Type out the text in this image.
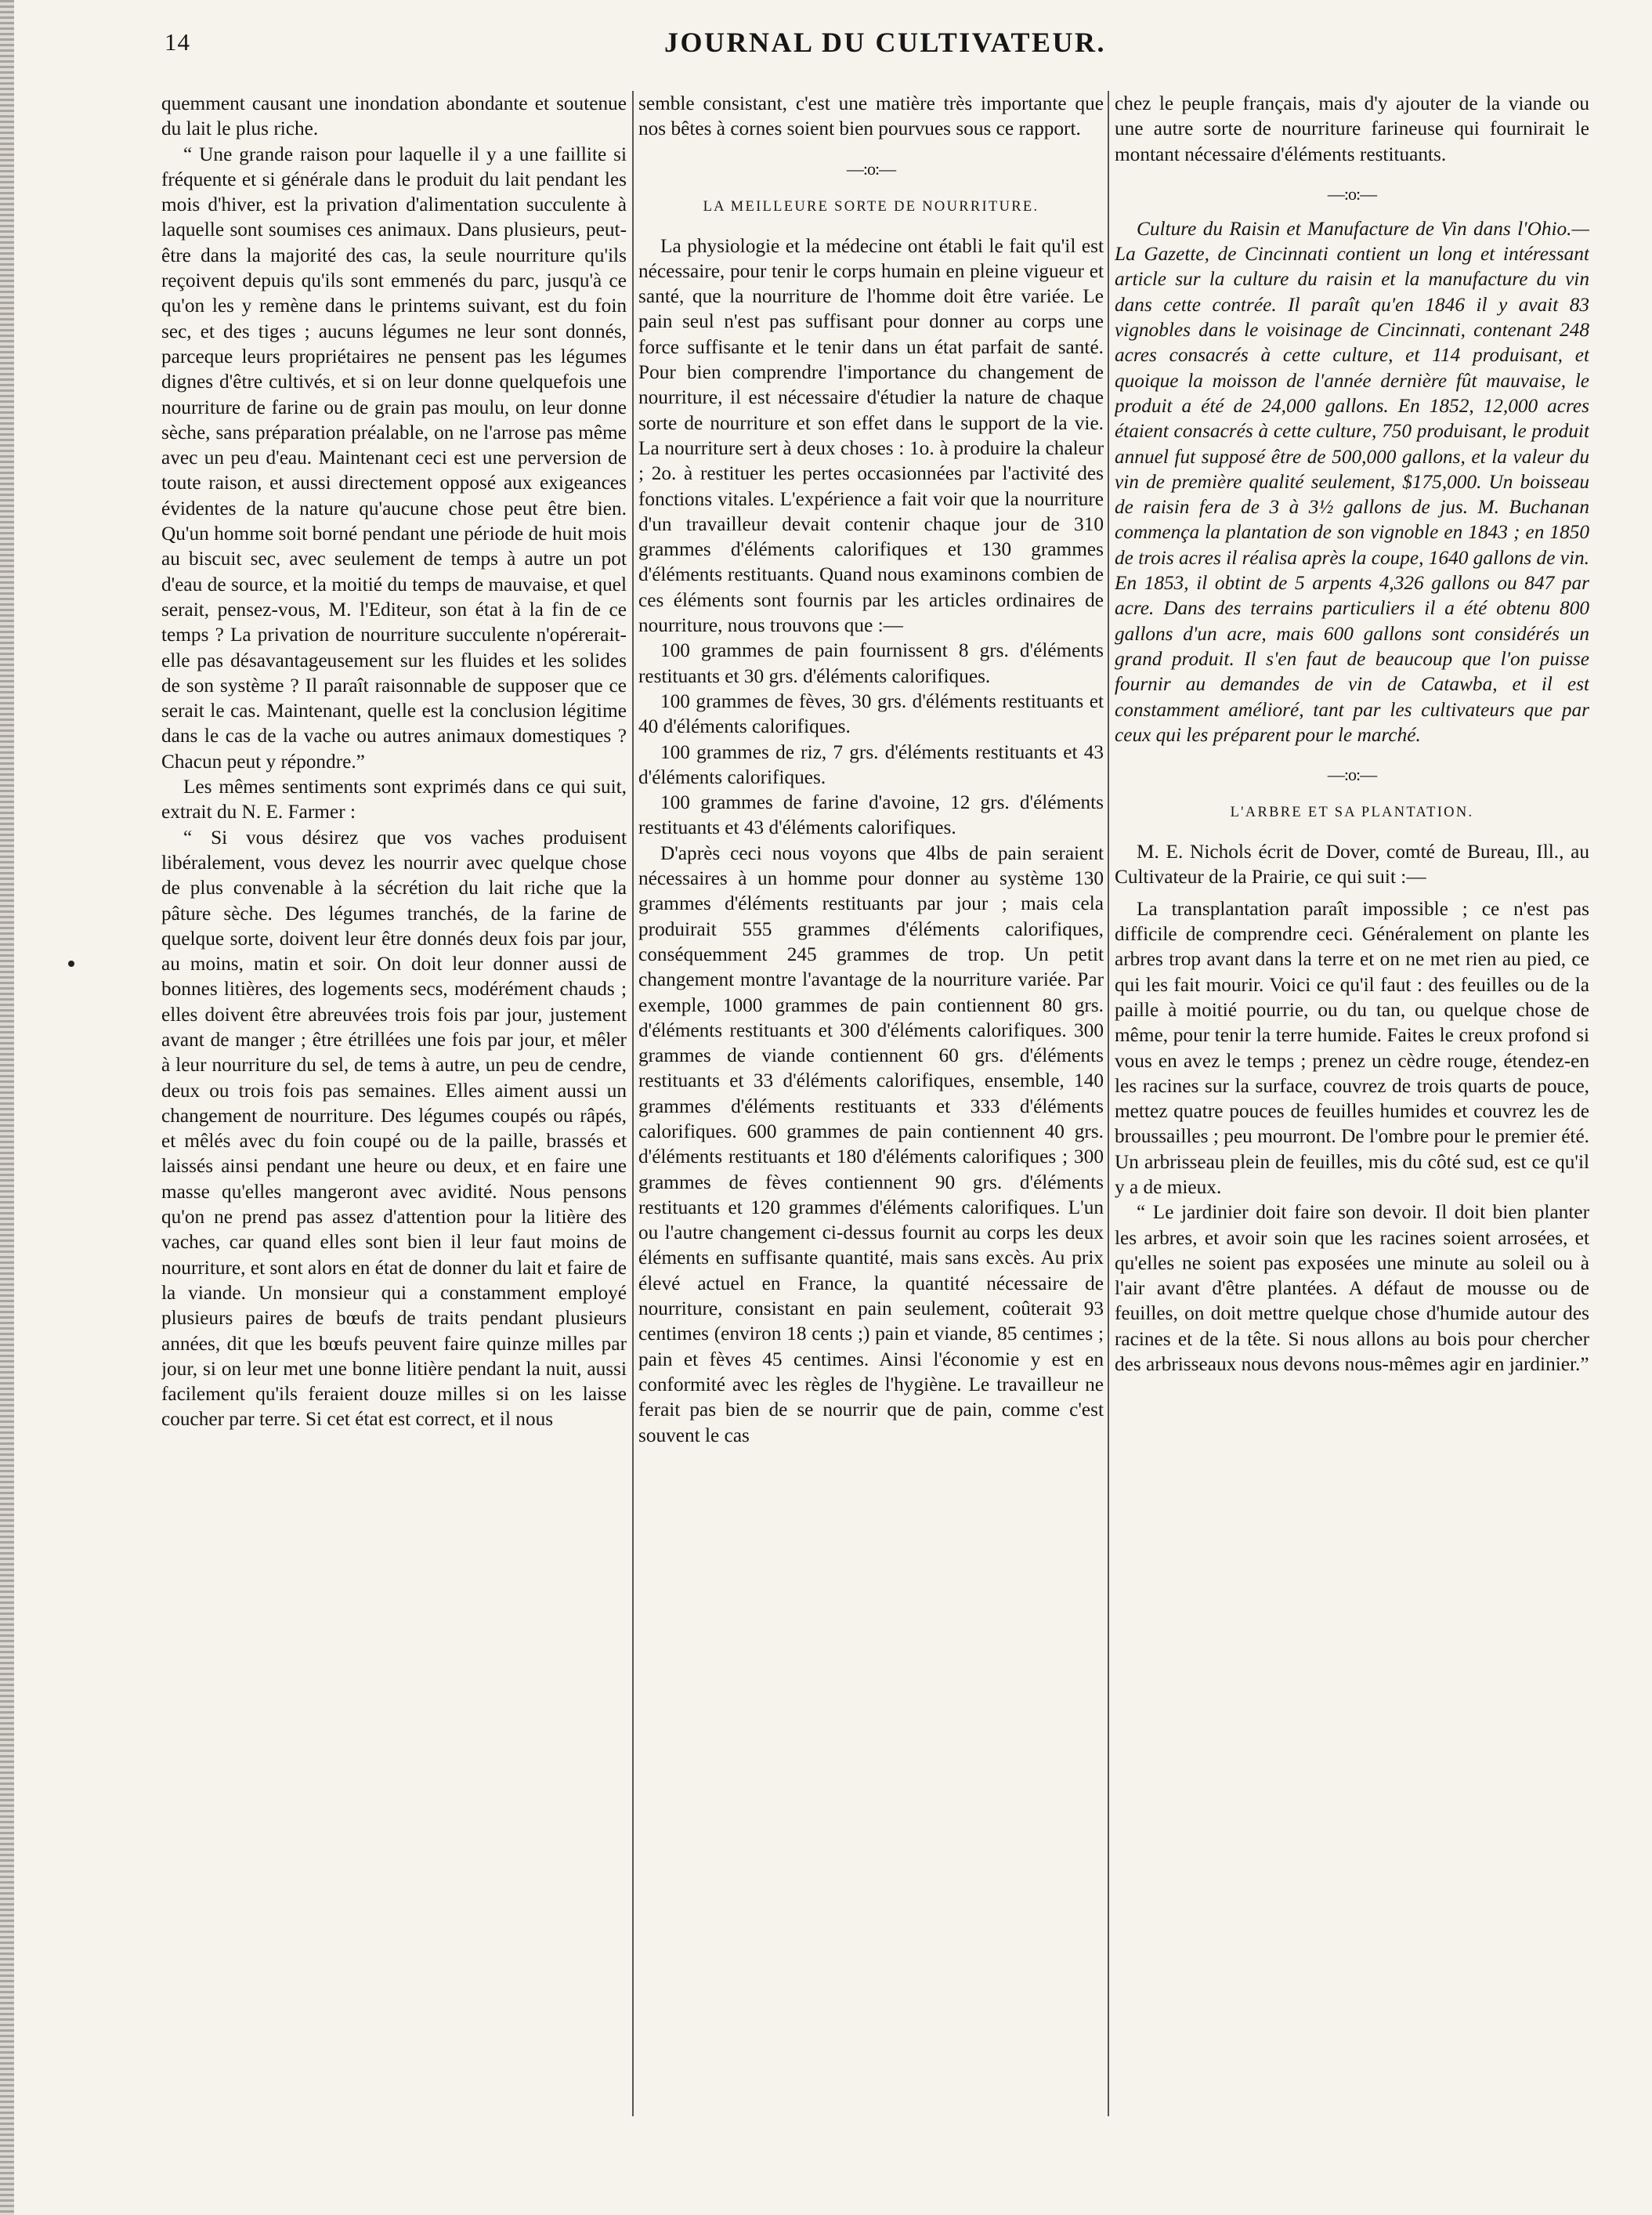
14	JOURNAL DU CULTIVATEUR.

quemment causant une inondation abondante et soutenue du lait le plus riche.

“ Une grande raison pour laquelle il y a une faillite si fréquente et si générale dans le produit du lait pendant les mois d'hiver, est la privation d'alimentation succulente à laquelle sont soumises ces animaux. Dans plusieurs, peut-être dans la majorité des cas, la seule nourriture qu'ils reçoivent depuis qu'ils sont emmenés du parc, jusqu'à ce qu'on les y remène dans le printems suivant, est du foin sec, et des tiges ; aucuns légumes ne leur sont donnés, parceque leurs propriétaires ne pensent pas les légumes dignes d'être cultivés, et si on leur donne quelquefois une nourriture de farine ou de grain pas moulu, on leur donne sèche, sans préparation préalable, on ne l'arrose pas même avec un peu d'eau. Maintenant ceci est une perversion de toute raison, et aussi directement opposé aux exigeances évidentes de la nature qu'aucune chose peut être bien. Qu'un homme soit borné pendant une période de huit mois au biscuit sec, avec seulement de temps à autre un pot d'eau de source, et la moitié du temps de mauvaise, et quel serait, pensez-vous, M. l'Editeur, son état à la fin de ce temps ? La privation de nourriture succulente n'opérerait-elle pas désavantageusement sur les fluides et les solides de son système ? Il paraît raisonnable de supposer que ce serait le cas. Maintenant, quelle est la conclusion légitime dans le cas de la vache ou autres animaux domestiques ? Chacun peut y répondre.”

Les mêmes sentiments sont exprimés dans ce qui suit, extrait du N. E. Farmer :

“ Si vous désirez que vos vaches produisent libéralement, vous devez les nourrir avec quelque chose de plus convenable à la sécrétion du lait riche que la pâture sèche. Des légumes tranchés, de la farine de quelque sorte, doivent leur être donnés deux fois par jour, au moins, matin et soir. On doit leur donner aussi de bonnes litières, des logements secs, modérément chauds ; elles doivent être abreuvées trois fois par jour, justement avant de manger ; être étrillées une fois par jour, et mêler à leur nourriture du sel, de tems à autre, un peu de cendre, deux ou trois fois pas semaines. Elles aiment aussi un changement de nourriture. Des légumes coupés ou râpés, et mêlés avec du foin coupé ou de la paille, brassés et laissés ainsi pendant une heure ou deux, et en faire une masse qu'elles mangeront avec avidité. Nous pensons qu'on ne prend pas assez d'attention pour la litière des vaches, car quand elles sont bien il leur faut moins de nourriture, et sont alors en état de donner du lait et faire de la viande. Un monsieur qui a constamment employé plusieurs paires de bœufs de traits pendant plusieurs années, dit que les bœufs peuvent faire quinze milles par jour, si on leur met une bonne litière pendant la nuit, aussi facilement qu'ils feraient douze milles si on les laisse coucher par terre. Si cet état est correct, et il nous

semble consistant, c'est une matière très importante que nos bêtes à cornes soient bien pourvues sous ce rapport.

—:o:—
LA MEILLEURE SORTE DE NOURRITURE.

La physiologie et la médecine ont établi le fait qu'il est nécessaire, pour tenir le corps humain en pleine vigueur et santé, que la nourriture de l'homme doit être variée. Le pain seul n'est pas suffisant pour donner au corps une force suffisante et le tenir dans un état parfait de santé. Pour bien comprendre l'importance du changement de nourriture, il est nécessaire d'étudier la nature de chaque sorte de nourriture et son effet dans le support de la vie. La nourriture sert à deux choses : 1o. à produire la chaleur ; 2o. à restituer les pertes occasionnées par l'activité des fonctions vitales. L'expérience a fait voir que la nourriture d'un travailleur devait contenir chaque jour de 310 grammes d'éléments calorifiques et 130 grammes d'éléments restituants. Quand nous examinons combien de ces éléments sont fournis par les articles ordinaires de nourriture, nous trouvons que :—

100 grammes de pain fournissent 8 grs. d'éléments restituants et 30 grs. d'éléments calorifiques.

100 grammes de fèves, 30 grs. d'éléments restituants et 40 d'éléments calorifiques.

100 grammes de riz, 7 grs. d'éléments restituants et 43 d'éléments calorifiques.

100 grammes de farine d'avoine, 12 grs. d'éléments restituants et 43 d'éléments calorifiques.

D'après ceci nous voyons que 4lbs de pain seraient nécessaires à un homme pour donner au système 130 grammes d'éléments restituants par jour ; mais cela produirait 555 grammes d'éléments calorifiques, conséquemment 245 grammes de trop. Un petit changement montre l'avantage de la nourriture variée. Par exemple, 1000 grammes de pain contiennent 80 grs. d'éléments restituants et 300 d'éléments calorifiques. 300 grammes de viande contiennent 60 grs. d'éléments restituants et 33 d'éléments calorifiques, ensemble, 140 grammes d'éléments restituants et 333 d'éléments calorifiques. 600 grammes de pain contiennent 40 grs. d'éléments restituants et 180 d'éléments calorifiques ; 300 grammes de fèves contiennent 90 grs. d'éléments restituants et 120 grammes d'éléments calorifiques. L'un ou l'autre changement ci-dessus fournit au corps les deux éléments en suffisante quantité, mais sans excès. Au prix élevé actuel en France, la quantité nécessaire de nourriture, consistant en pain seulement, coûterait 93 centimes (environ 18 cents ;) pain et viande, 85 centimes ; pain et fèves 45 centimes. Ainsi l'économie y est en conformité avec les règles de l'hygiène. Le travailleur ne ferait pas bien de se nourrir que de pain, comme c'est souvent le cas

chez le peuple français, mais d'y ajouter de la viande ou une autre sorte de nourriture farineuse qui fournirait le montant nécessaire d'éléments restituants.

—:o:—

Culture du Raisin et Manufacture de Vin dans l'Ohio.—La Gazette, de Cincinnati contient un long et intéressant article sur la culture du raisin et la manufacture du vin dans cette contrée. Il paraît qu'en 1846 il y avait 83 vignobles dans le voisinage de Cincinnati, contenant 248 acres consacrés à cette culture, et 114 produisant, et quoique la moisson de l'année dernière fût mauvaise, le produit a été de 24,000 gallons. En 1852, 12,000 acres étaient consacrés à cette culture, 750 produisant, le produit annuel fut supposé être de 500,000 gallons, et la valeur du vin de première qualité seulement, $175,000. Un boisseau de raisin fera de 3 à 3½ gallons de jus. M. Buchanan commença la plantation de son vignoble en 1843 ; en 1850 de trois acres il réalisa après la coupe, 1640 gallons de vin. En 1853, il obtint de 5 arpents 4,326 gallons ou 847 par acre. Dans des terrains particuliers il a été obtenu 800 gallons d'un acre, mais 600 gallons sont considérés un grand produit. Il s'en faut de beaucoup que l'on puisse fournir au demandes de vin de Catawba, et il est constamment amélioré, tant par les cultivateurs que par ceux qui les préparent pour le marché.

—:o:—
L'ARBRE ET SA PLANTATION.

M. E. Nichols écrit de Dover, comté de Bureau, Ill., au Cultivateur de la Prairie, ce qui suit :—

La transplantation paraît impossible ; ce n'est pas difficile de comprendre ceci. Généralement on plante les arbres trop avant dans la terre et on ne met rien au pied, ce qui les fait mourir. Voici ce qu'il faut : des feuilles ou de la paille à moitié pourrie, ou du tan, ou quelque chose de même, pour tenir la terre humide. Faites le creux profond si vous en avez le temps ; prenez un cèdre rouge, étendez-en les racines sur la surface, couvrez de trois quarts de pouce, mettez quatre pouces de feuilles humides et couvrez les de broussailles ; peu mourront. De l'ombre pour le premier été. Un arbrisseau plein de feuilles, mis du côté sud, est ce qu'il y a de mieux.

“ Le jardinier doit faire son devoir. Il doit bien planter les arbres, et avoir soin que les racines soient arrosées, et qu'elles ne soient pas exposées une minute au soleil ou à l'air avant d'être plantées. A défaut de mousse ou de feuilles, on doit mettre quelque chose d'humide autour des racines et de la tête. Si nous allons au bois pour chercher des arbrisseaux nous devons nous-mêmes agir en jardinier.”
